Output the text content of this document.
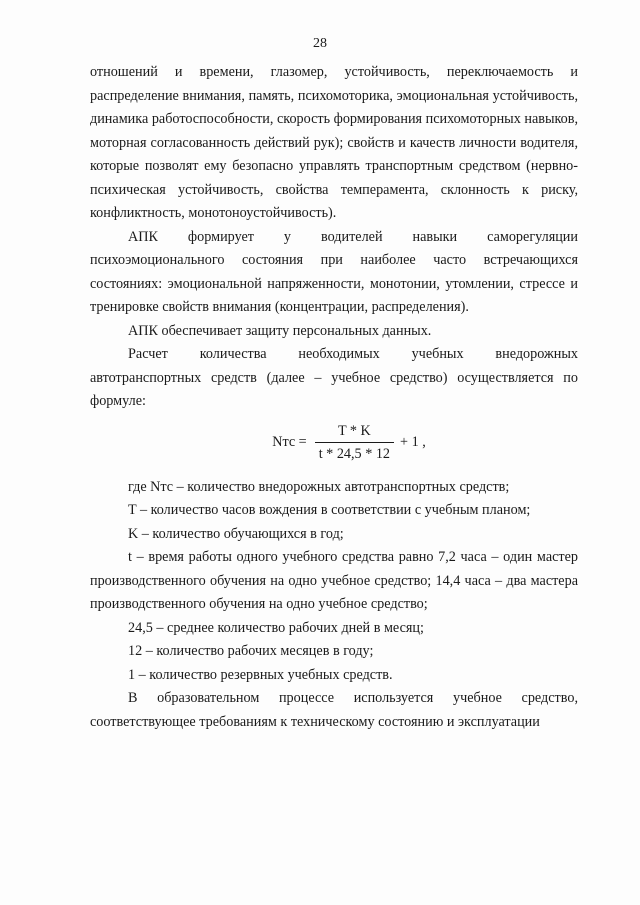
28

отношений и времени, глазомер, устойчивость, переключаемость и распределение внимания, память, психомоторика, эмоциональная устойчивость, динамика работоспособности, скорость формирования психомоторных навыков, моторная согласованность действий рук); свойств и качеств личности водителя, которые позволят ему безопасно управлять транспортным средством (нервно-психическая устойчивость, свойства темперамента, склонность к риску, конфликтность, монотоноустойчивость).

АПК формирует у водителей навыки саморегуляции психоэмоционального состояния при наиболее часто встречающихся состояниях: эмоциональной напряженности, монотонии, утомлении, стрессе и тренировке свойств внимания (концентрации, распределения).

АПК обеспечивает защиту персональных данных.

Расчет количества необходимых учебных внедорожных автотранспортных средств (далее – учебное средство) осуществляется по формуле:

Nтс = $\frac{T * K}{t * 24,5 * 12} + 1$ ,

где Nтс – количество внедорожных автотранспортных средств;

T – количество часов вождения в соответствии с учебным планом;

K – количество обучающихся в год;

t – время работы одного учебного средства равно 7,2 часа – один мастер производственного обучения на одно учебное средство; 14,4 часа – два мастера производственного обучения на одно учебное средство;

24,5 – среднее количество рабочих дней в месяц;

12 – количество рабочих месяцев в году;

1 – количество резервных учебных средств.

В образовательном процессе используется учебное средство, соответствующее требованиям к техническому состоянию и эксплуатации
